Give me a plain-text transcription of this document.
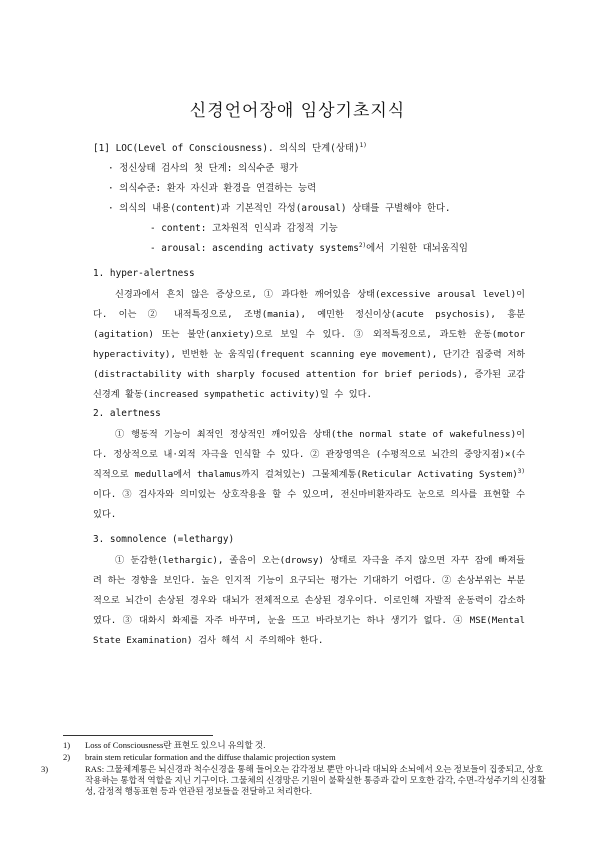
신경언어장애 임상기초지식
[1] LOC(Level of Consciousness). 의식의 단계(상태)$^{1)}$
· 정신상태 검사의 첫 단계: 의식수준 평가
· 의식수준: 환자 자신과 환경을 연결하는 능력
· 의식의 내용(content)과 기본적인 각성(arousal) 상태를 구별해야 한다.
- content: 고차원적 인식과 감정적 기능
- arousal: ascending activaty systems$^{2)}$에서 기원한 대뇌움직임
1. hyper-alertness
신경과에서 흔치 않은 증상으로, ① 과다한 깨어있음 상태(excessive arousal level)이다. 이는 ② 내적특징으로, 조병(mania), 예민한 정신이상(acute psychosis), 흥분(agitation) 또는 불안(anxiety)으로 보일 수 있다. ③ 외적특징으로, 과도한 운동(motor hyperactivity), 빈번한 눈 움직임(frequent scanning eye movement), 단기간 집중력 저하(distractability with sharply focused attention for brief periods), 증가된 교감신경계 활동(increased sympathetic activity)일 수 있다.
2. alertness
① 행동적 기능이 최적인 정상적인 깨어있음 상태(the normal state of wakefulness)이다. 정상적으로 내·외적 자극을 인식할 수 있다. ② 관장영역은 (수평적으로 뇌간의 중앙지점)×(수직적으로 medulla에서 thalamus까지 걸쳐있는) 그물체계통(Reticular Activating System)$^{3)}$이다. ③ 검사자와 의미있는 상호작용을 할 수 있으며, 전신마비환자라도 눈으로 의사를 표현할 수 있다.
3. somnolence (=lethargy)
① 둔감한(lethargic), 졸음이 오는(drowsy) 상태로 자극을 주지 않으면 자꾸 잠에 빠져들려 하는 경향을 보인다. 높은 인지적 기능이 요구되는 평가는 기대하기 어렵다. ② 손상부위는 부분적으로 뇌간이 손상된 경우와 대뇌가 전체적으로 손상된 경우이다. 이로인해 자발적 운동력이 감소하였다. ③ 대화시 화제를 자주 바꾸며, 눈을 뜨고 바라보기는 하나 생기가 없다. ④ MSE(Mental State Examination) 검사 해석 시 주의해야 한다.
1) Loss of Consciousness란 표현도 있으니 유의할 것.
2) brain stem reticular formation and the diffuse thalamic projection system
3)	RAS: 그물체계통은 뇌신경과 척수신경을 통해 들어오는 감각정보 뿐만 아니라 대뇌와 소뇌에서 오는 정보들이 집중되고, 상호작용하는 통합적 역할을 지닌 기구이다. 그물체의 신경망은 기원이 불확실한 통증과 같이 모호한 감각, 수면-각성주기의 신경활성, 감정적 행동표현 등과 연관된 정보들을 전달하고 처리한다.
